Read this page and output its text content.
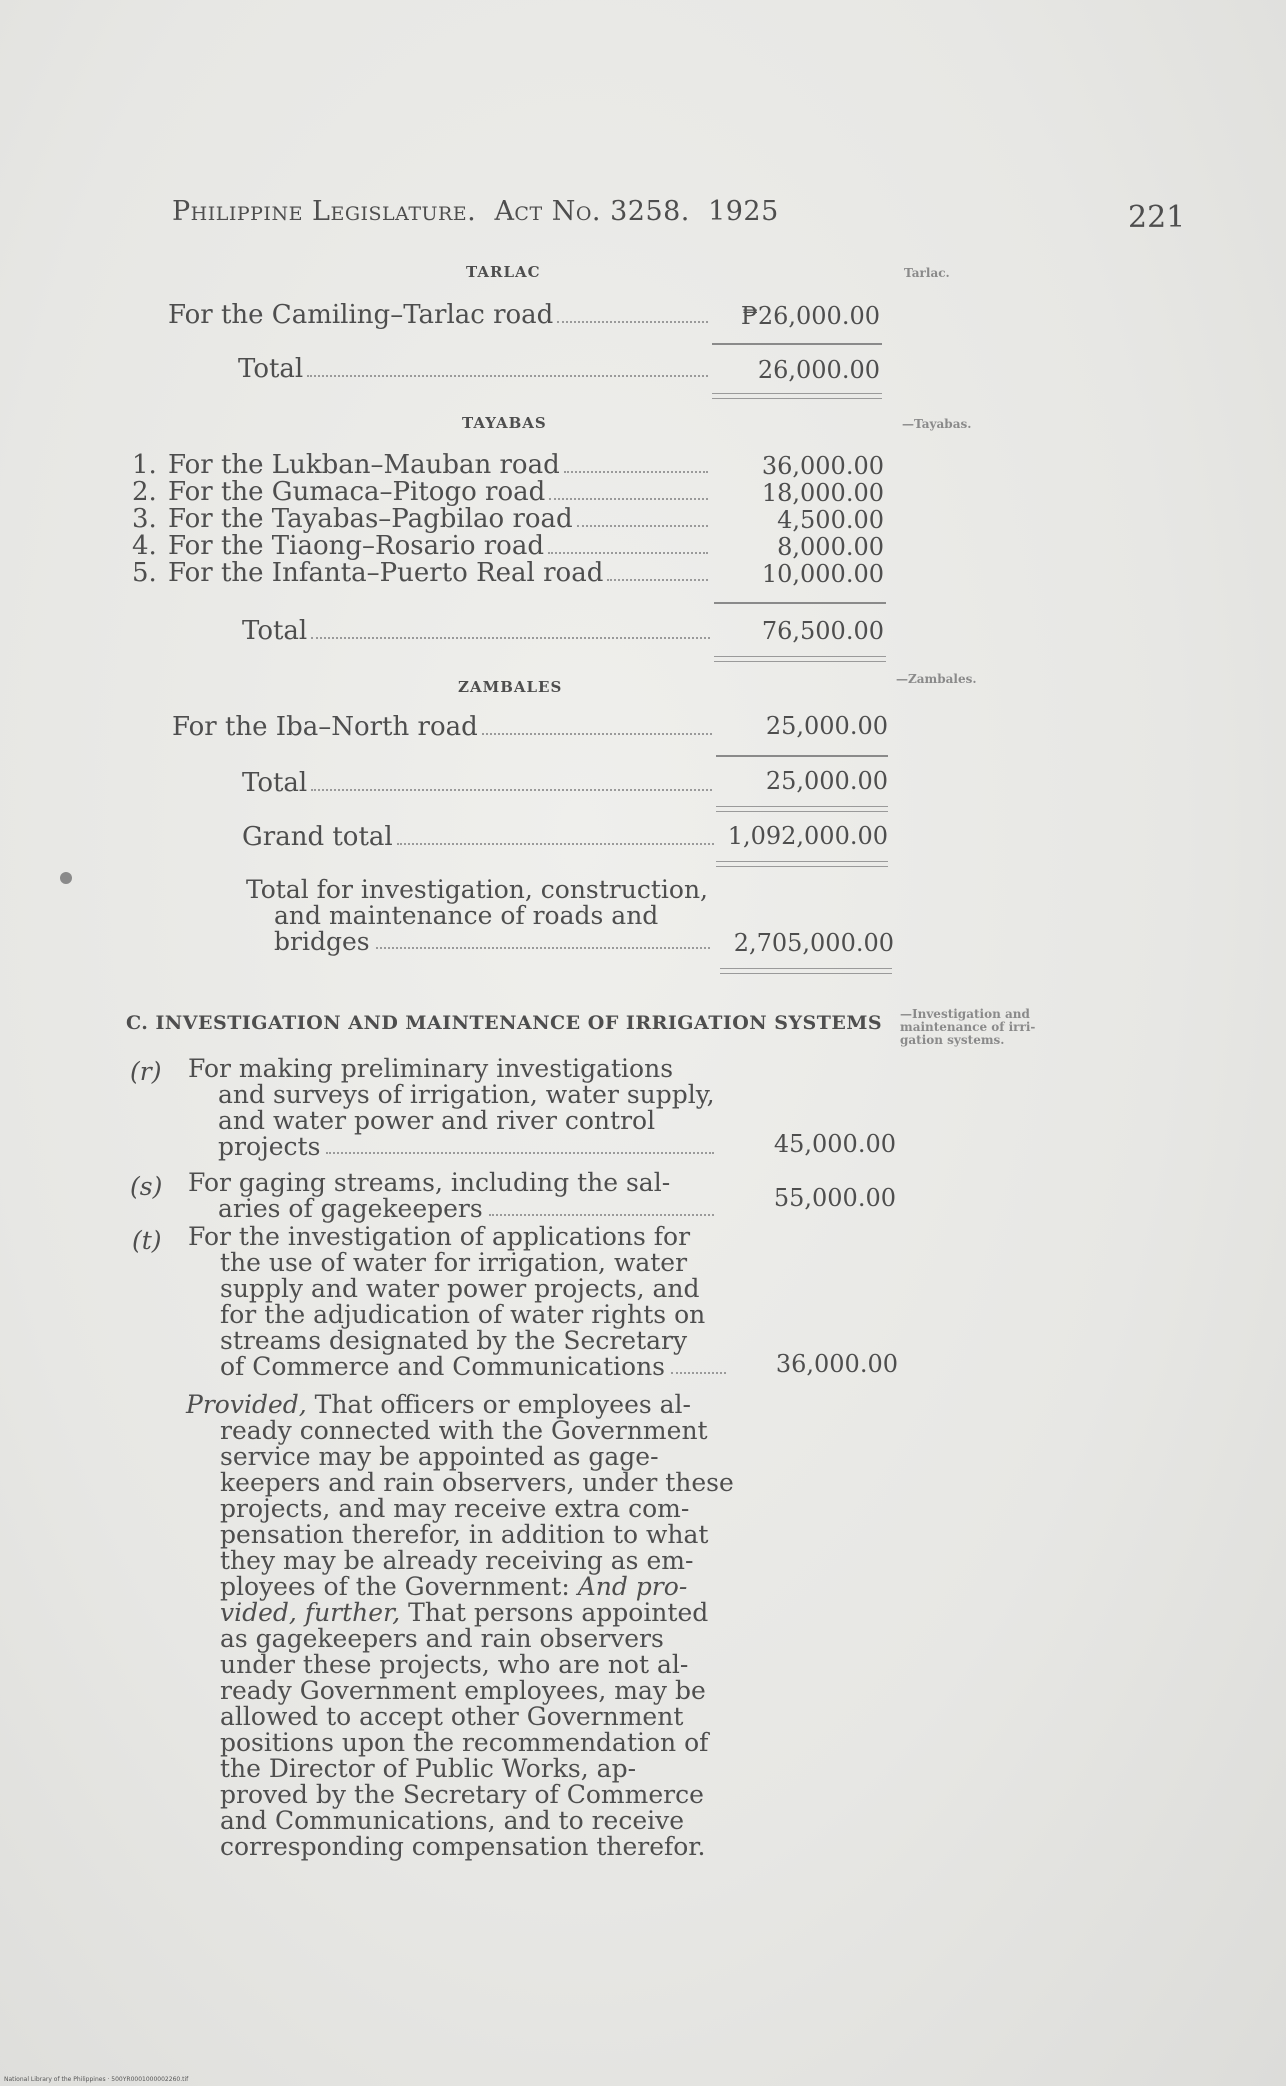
Philippine Legislature. Act No. 3258. 1925	221
TARLAC	Tarlac.
For the Camiling–Tarlac road	₱26,000.00
Total	26,000.00
TAYABAS	—Tayabas.
1. For the Lukban–Mauban road	36,000.00
2. For the Gumaca–Pitogo road	18,000.00
3. For the Tayabas–Pagbilao road	4,500.00
4. For the Tiaong–Rosario road	8,000.00
5. For the Infanta–Puerto Real road	10,000.00
Total	76,500.00
ZAMBALES	—Zambales.
For the Iba–North road	25,000.00
Total	25,000.00
Grand total	1,092,000.00
Total for investigation, construction,
and maintenance of roads and
bridges	2,705,000.00
C. INVESTIGATION AND MAINTENANCE OF IRRIGATION SYSTEMS —Investigation and
maintenance of irri-
gation systems.
(r) For making preliminary investigations
and surveys of irrigation, water supply,
and water power and river control
projects	45,000.00
(s) For gaging streams, including the sal-
aries of gagekeepers	55,000.00
(t) For the investigation of applications for
the use of water for irrigation, water
supply and water power projects, and
for the adjudication of water rights on
streams designated by the Secretary
of Commerce and Communications	36,000.00
Provided,
That officers or employees al-
ready connected with the Government
service may be appointed as gage-
keepers and rain observers, under these
projects, and may receive extra com-
pensation therefor, in addition to what
they may be already receiving as em-
ployees of the Government:
And pro-
vided, further,
That persons appointed
as gagekeepers and rain observers
under these projects, who are not al-
ready Government employees, may be
allowed to accept other Government
positions upon the recommendation of
the Director of Public Works, ap-
proved by the Secretary of Commerce
and Communications, and to receive
corresponding compensation therefor.
National Library of the Philippines · 500YR0001000002260.tif
